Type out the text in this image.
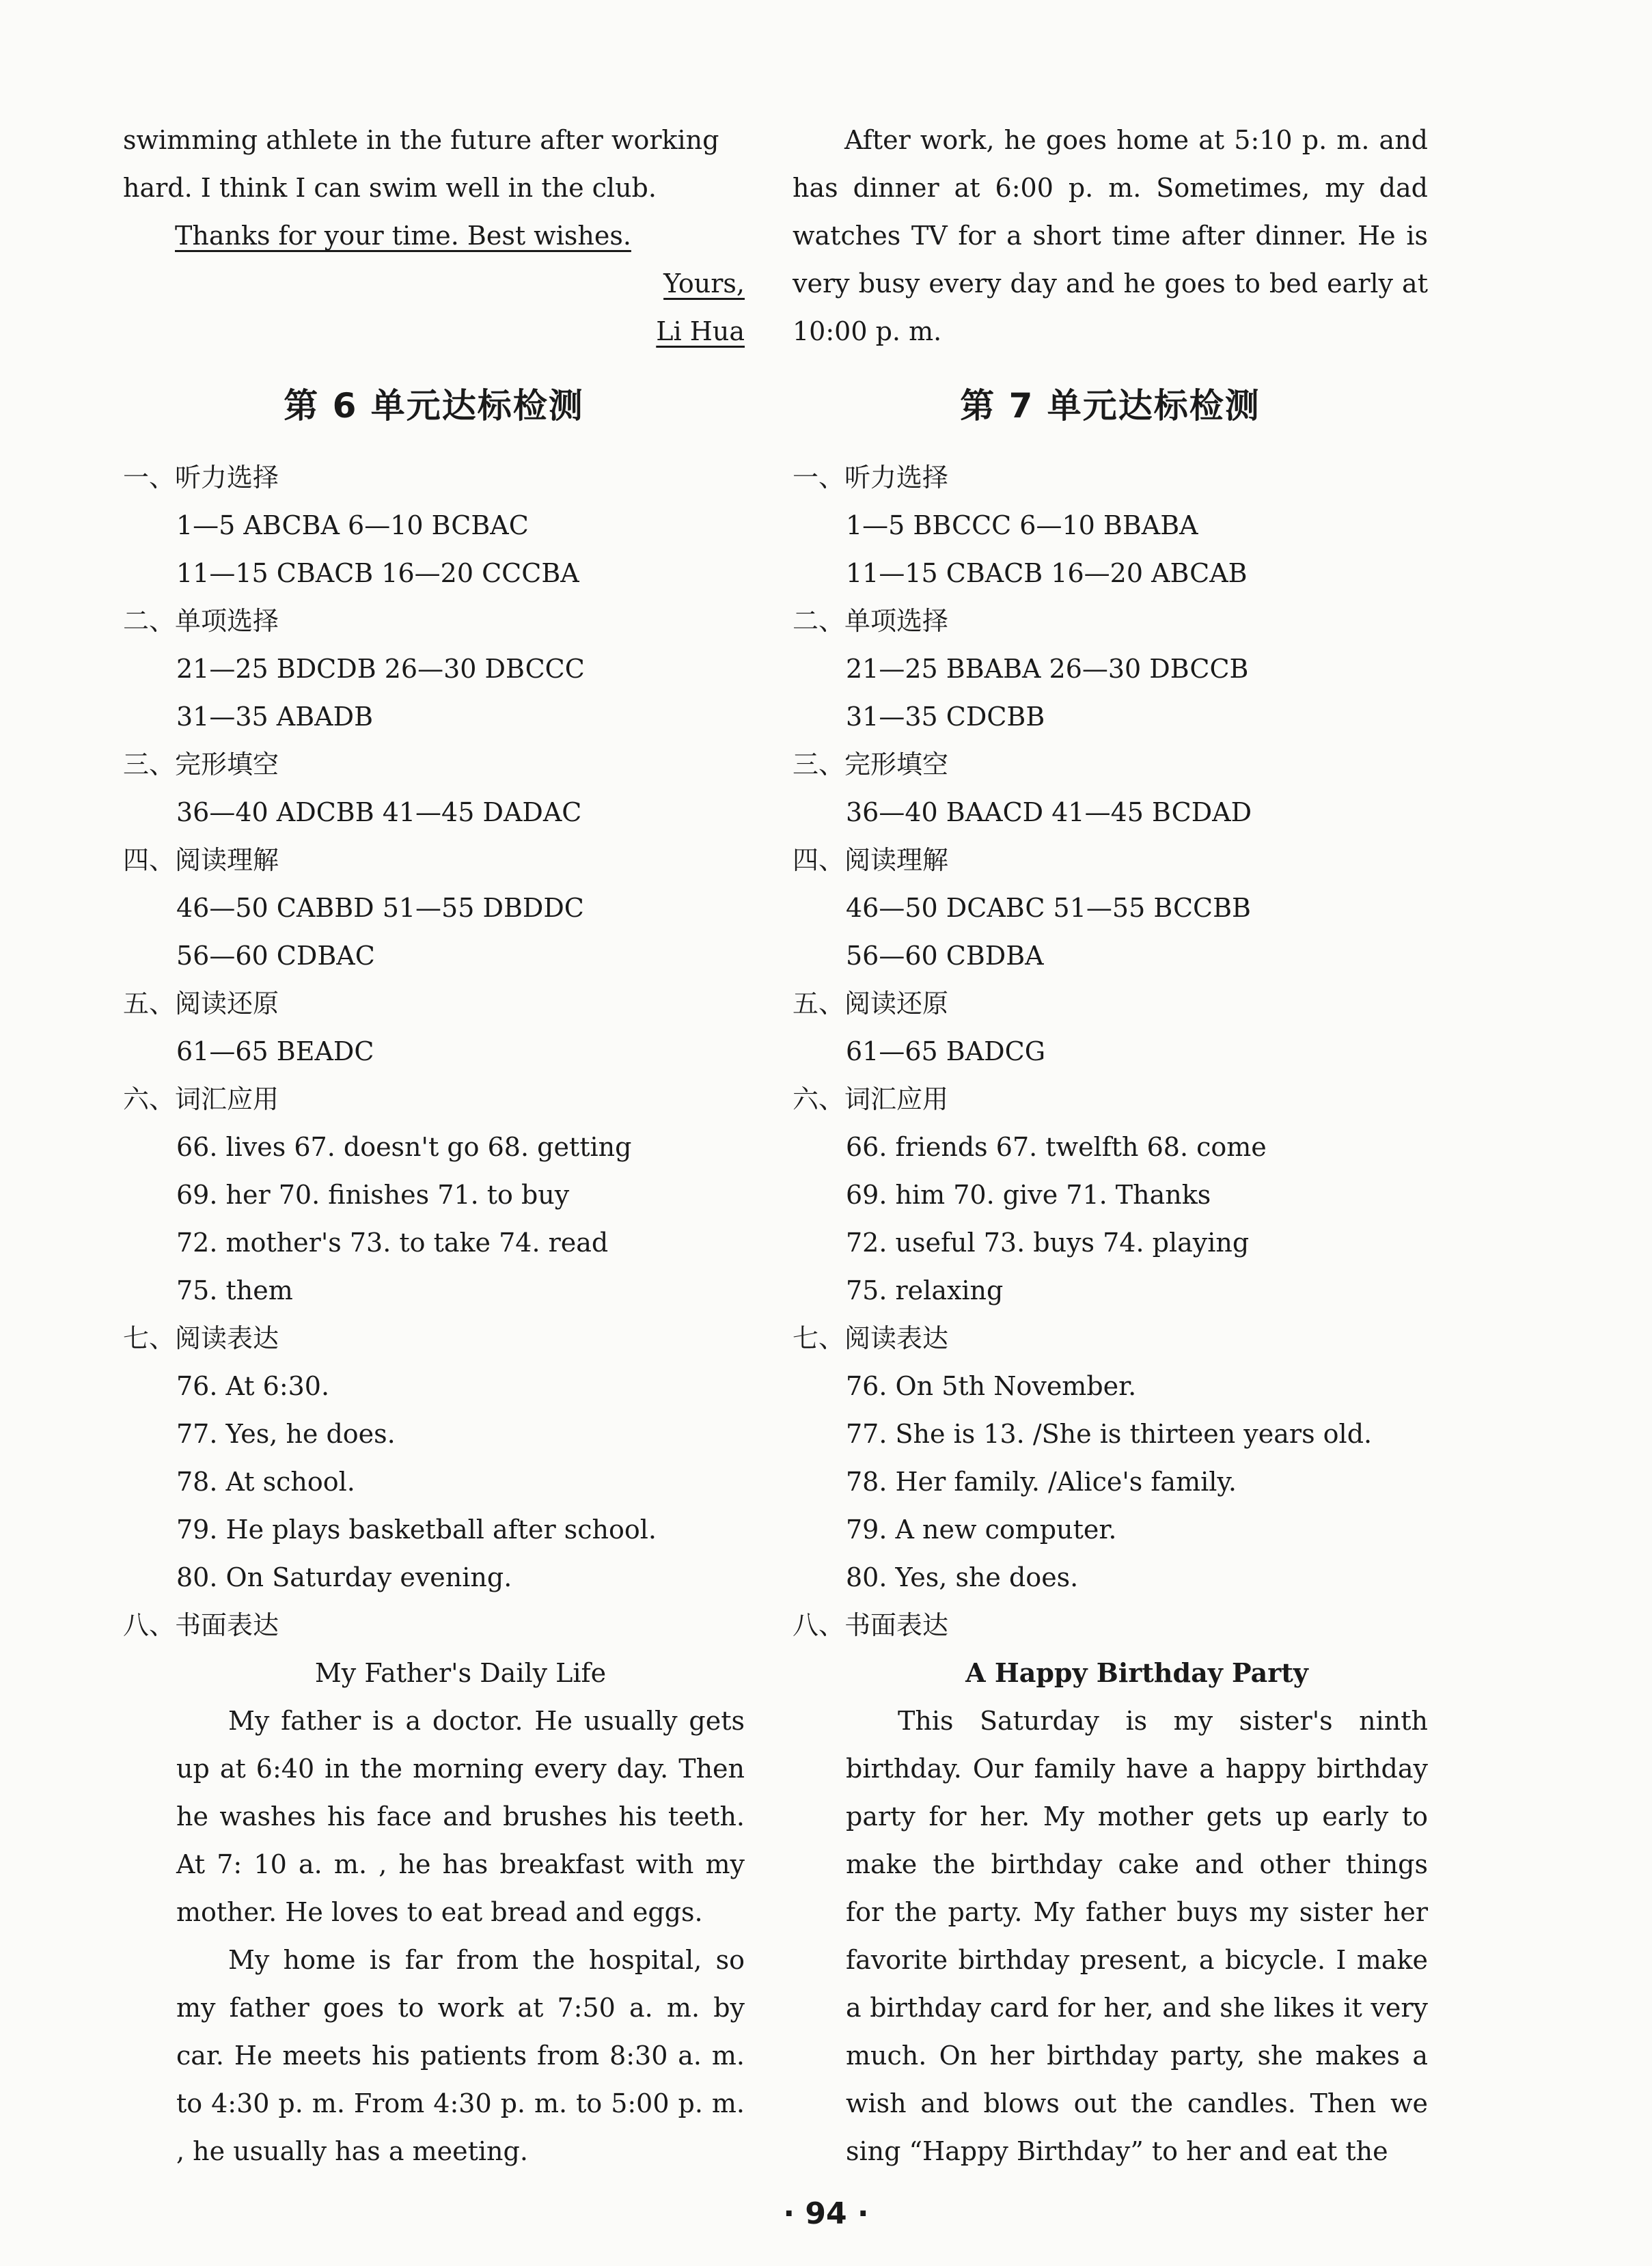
swimming athlete in the future after working

hard. I think I can swim well in the club.

Thanks for your time. Best wishes.

Yours,

Li Hua

第 6 单元达标检测

一、听力选择

1—5 ABCBA 6—10 BCBAC

11—15 CBACB 16—20 CCCBA

二、单项选择

21—25 BDCDB 26—30 DBCCC

31—35 ABADB

三、完形填空

36—40 ADCBB 41—45 DADAC

四、阅读理解

46—50 CABBD 51—55 DBDDC

56—60 CDBAC

五、阅读还原

61—65 BEADC

六、词汇应用

66. lives 67. doesn't go 68. getting

69. her 70. finishes 71. to buy

72. mother's 73. to take 74. read

75. them

七、阅读表达

76. At 6:30.

77. Yes, he does.

78. At school.

79. He plays basketball after school.

80. On Saturday evening.

八、书面表达

My Father's Daily Life

My father is a doctor. He usually gets up at 6:40 in the morning every day. Then he washes his face and brushes his teeth. At 7: 10 a. m. , he has breakfast with my mother. He loves to eat bread and eggs.

My home is far from the hospital, so my father goes to work at 7:50 a. m. by car. He meets his patients from 8:30 a. m. to 4:30 p. m. From 4:30 p. m. to 5:00 p. m. , he usually has a meeting.

After work, he goes home at 5:10 p. m. and has dinner at 6:00 p. m. Sometimes, my dad watches TV for a short time after dinner. He is very busy every day and he goes to bed early at 10:00 p. m.

第 7 单元达标检测

一、听力选择

1—5 BBCCC 6—10 BBABA

11—15 CBACB 16—20 ABCAB

二、单项选择

21—25 BBABA 26—30 DBCCB

31—35 CDCBB

三、完形填空

36—40 BAACD 41—45 BCDAD

四、阅读理解

46—50 DCABC 51—55 BCCBB

56—60 CBDBA

五、阅读还原

61—65 BADCG

六、词汇应用

66. friends 67. twelfth 68. come

69. him 70. give 71. Thanks

72. useful 73. buys 74. playing

75. relaxing

七、阅读表达

76. On 5th November.

77. She is 13. /She is thirteen years old.

78. Her family. /Alice's family.

79. A new computer.

80. Yes, she does.

八、书面表达

A Happy Birthday Party

This Saturday is my sister's ninth birthday. Our family have a happy birthday party for her. My mother gets up early to make the birthday cake and other things for the party. My father buys my sister her favorite birthday present, a bicycle. I make a birthday card for her, and she likes it very much. On her birthday party, she makes a wish and blows out the candles. Then we sing “Happy Birthday” to her and eat the

· 94 ·
